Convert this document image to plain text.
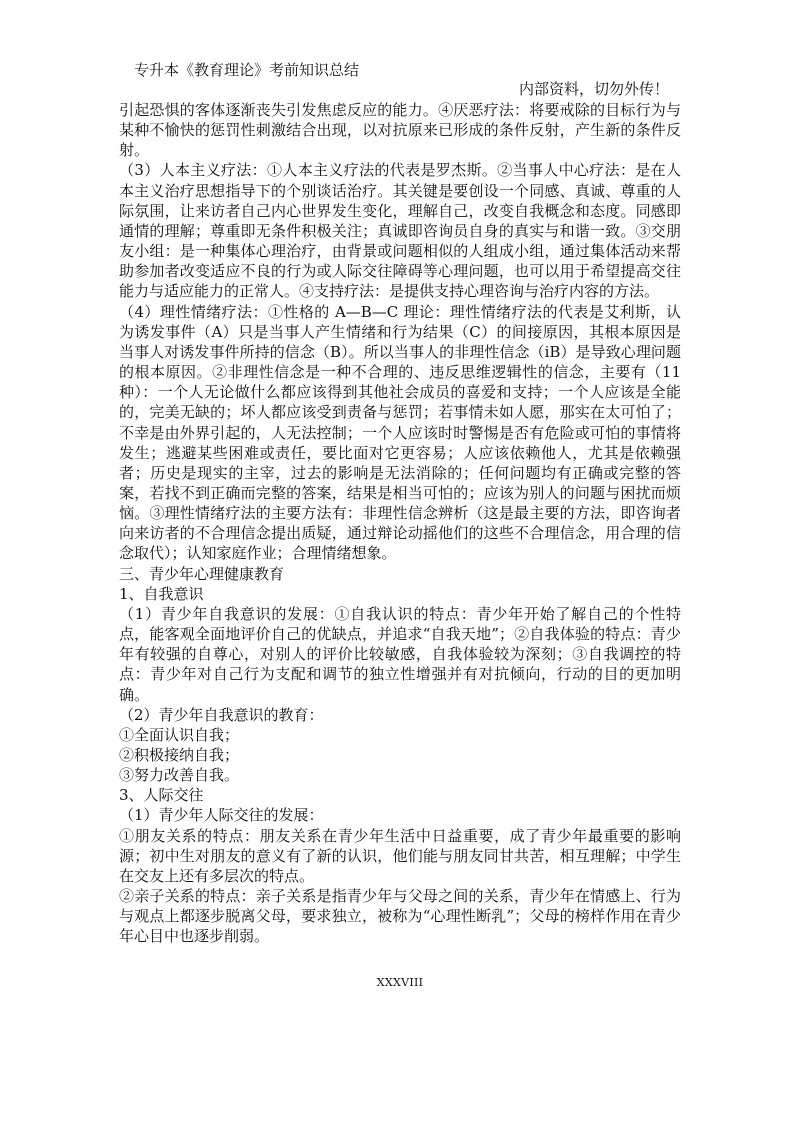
专升本《教育理论》考前知识总结
内部资料，切勿外传！

引起恐惧的客体逐渐丧失引发焦虑反应的能力。④厌恶疗法：将要戒除的目标行为与某种不愉快的惩罚性刺激结合出现，以对抗原来已形成的条件反射，产生新的条件反射。

（3）人本主义疗法：①人本主义疗法的代表是罗杰斯。②当事人中心疗法：是在人本主义治疗思想指导下的个别谈话治疗。其关键是要创设一个同感、真诚、尊重的人际氛围，让来访者自己内心世界发生变化，理解自己，改变自我概念和态度。同感即通情的理解；尊重即无条件积极关注；真诚即咨询员自身的真实与和谐一致。③交朋友小组：是一种集体心理治疗，由背景或问题相似的人组成小组，通过集体活动来帮助参加者改变适应不良的行为或人际交往障碍等心理问题，也可以用于希望提高交往能力与适应能力的正常人。④支持疗法：是提供支持心理咨询与治疗内容的方法。

（4）理性情绪疗法：①性格的 A—B—C 理论：理性情绪疗法的代表是艾利斯，认为诱发事件（A）只是当事人产生情绪和行为结果（C）的间接原因，其根本原因是当事人对诱发事件所持的信念（B）。所以当事人的非理性信念（iB）是导致心理问题的根本原因。②非理性信念是一种不合理的、违反思维逻辑性的信念，主要有（11 种）：一个人无论做什么都应该得到其他社会成员的喜爱和支持；一个人应该是全能的，完美无缺的；坏人都应该受到责备与惩罚；若事情未如人愿，那实在太可怕了；不幸是由外界引起的，人无法控制；一个人应该时时警惕是否有危险或可怕的事情将发生；逃避某些困难或责任，要比面对它更容易；人应该依赖他人，尤其是依赖强者；历史是现实的主宰，过去的影响是无法消除的；任何问题均有正确或完整的答案，若找不到正确而完整的答案，结果是相当可怕的；应该为别人的问题与困扰而烦恼。③理性情绪疗法的主要方法有：非理性信念辨析（这是最主要的方法，即咨询者向来访者的不合理信念提出质疑，通过辩论动摇他们的这些不合理信念，用合理的信念取代）；认知家庭作业；合理情绪想象。

三、青少年心理健康教育

1、自我意识

（1）青少年自我意识的发展：①自我认识的特点：青少年开始了解自己的个性特点，能客观全面地评价自己的优缺点，并追求“自我天地”；②自我体验的特点：青少年有较强的自尊心，对别人的评价比较敏感，自我体验较为深刻；③自我调控的特点：青少年对自己行为支配和调节的独立性增强并有对抗倾向，行动的目的更加明确。

（2）青少年自我意识的教育：

①全面认识自我；

②积极接纳自我；

③努力改善自我。

3、人际交往

（1）青少年人际交往的发展：

①朋友关系的特点：朋友关系在青少年生活中日益重要，成了青少年最重要的影响源；初中生对朋友的意义有了新的认识，他们能与朋友同甘共苦，相互理解；中学生在交友上还有多层次的特点。

②亲子关系的特点：亲子关系是指青少年与父母之间的关系，青少年在情感上、行为与观点上都逐步脱离父母，要求独立，被称为“心理性断乳”；父母的榜样作用在青少年心目中也逐步削弱。

XXXVIII
